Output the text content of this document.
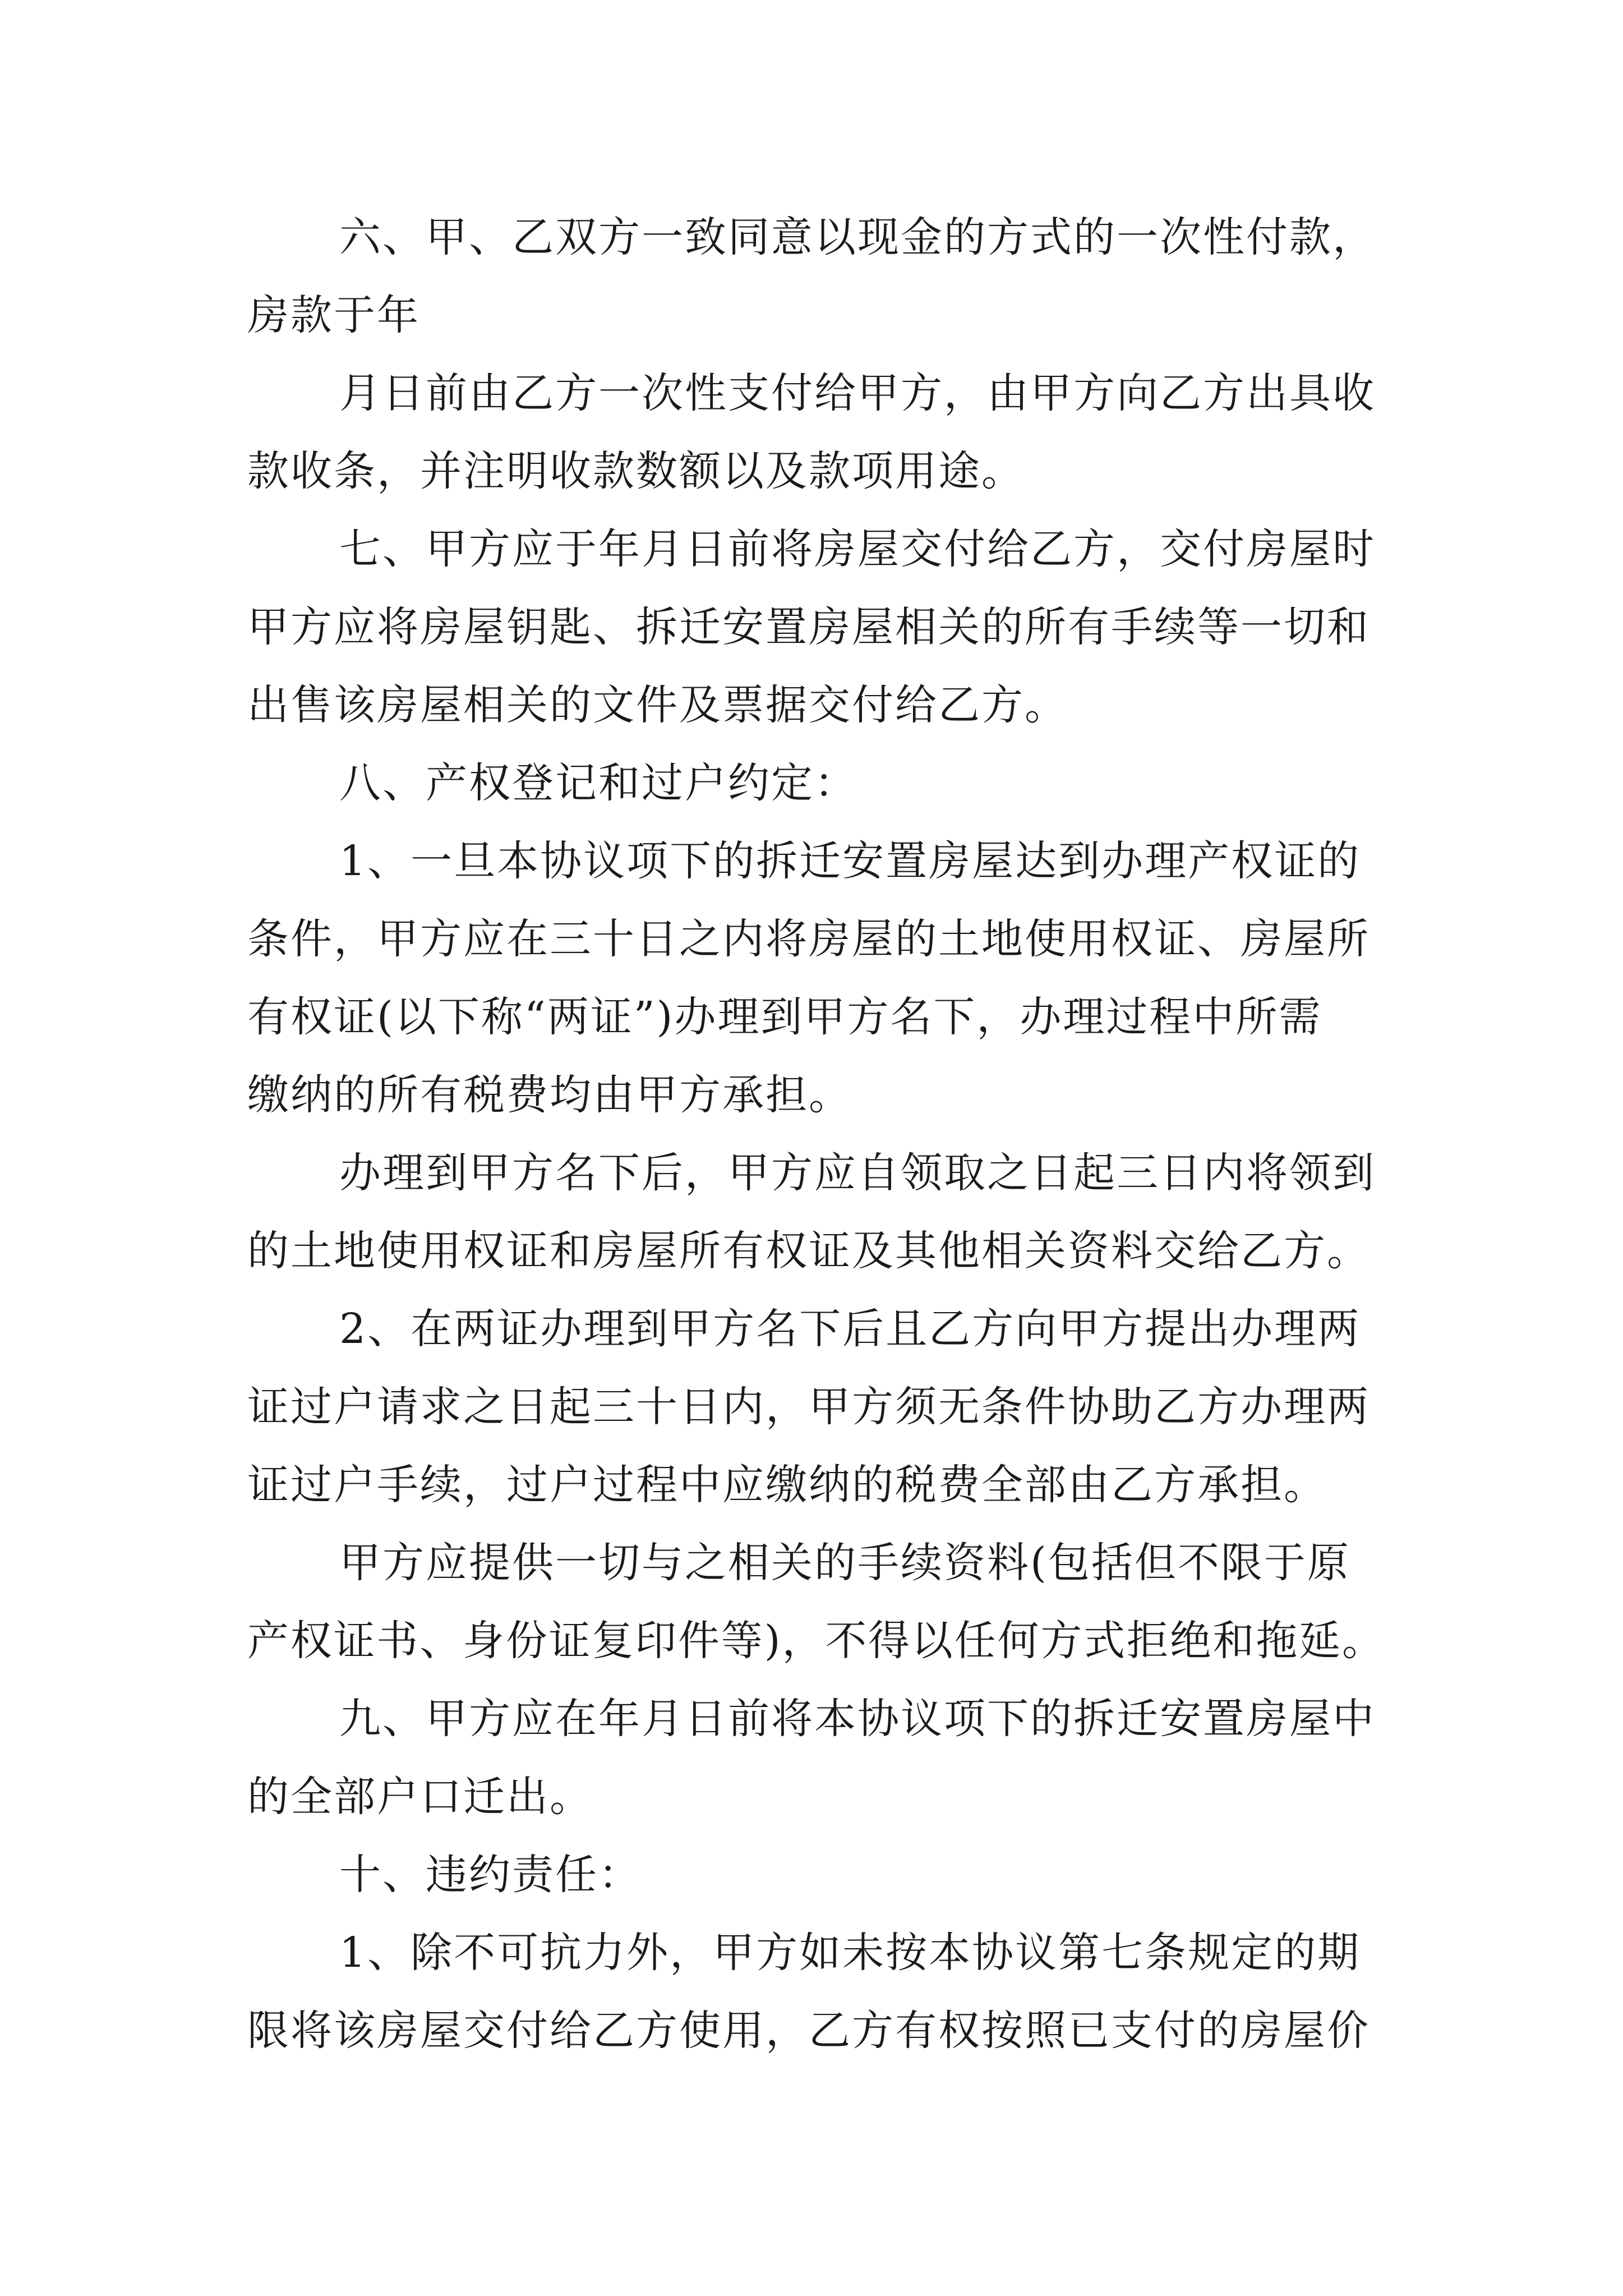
六、甲、乙双方一致同意以现金的方式的一次性付款，
房款于年
月日前由乙方一次性支付给甲方，由甲方向乙方出具收
款收条，并注明收款数额以及款项用途。
七、甲方应于年月日前将房屋交付给乙方，交付房屋时
甲方应将房屋钥匙、拆迁安置房屋相关的所有手续等一切和
出售该房屋相关的文件及票据交付给乙方。
八、产权登记和过户约定：
1、一旦本协议项下的拆迁安置房屋达到办理产权证的
条件，甲方应在三十日之内将房屋的土地使用权证、房屋所
有权证(以下称“两证”)办理到甲方名下，办理过程中所需
缴纳的所有税费均由甲方承担。
办理到甲方名下后，甲方应自领取之日起三日内将领到
的土地使用权证和房屋所有权证及其他相关资料交给乙方。
2、在两证办理到甲方名下后且乙方向甲方提出办理两
证过户请求之日起三十日内，甲方须无条件协助乙方办理两
证过户手续，过户过程中应缴纳的税费全部由乙方承担。
甲方应提供一切与之相关的手续资料(包括但不限于原
产权证书、身份证复印件等)，不得以任何方式拒绝和拖延。
九、甲方应在年月日前将本协议项下的拆迁安置房屋中
的全部户口迁出。
十、违约责任：
1、除不可抗力外，甲方如未按本协议第七条规定的期
限将该房屋交付给乙方使用，乙方有权按照已支付的房屋价
